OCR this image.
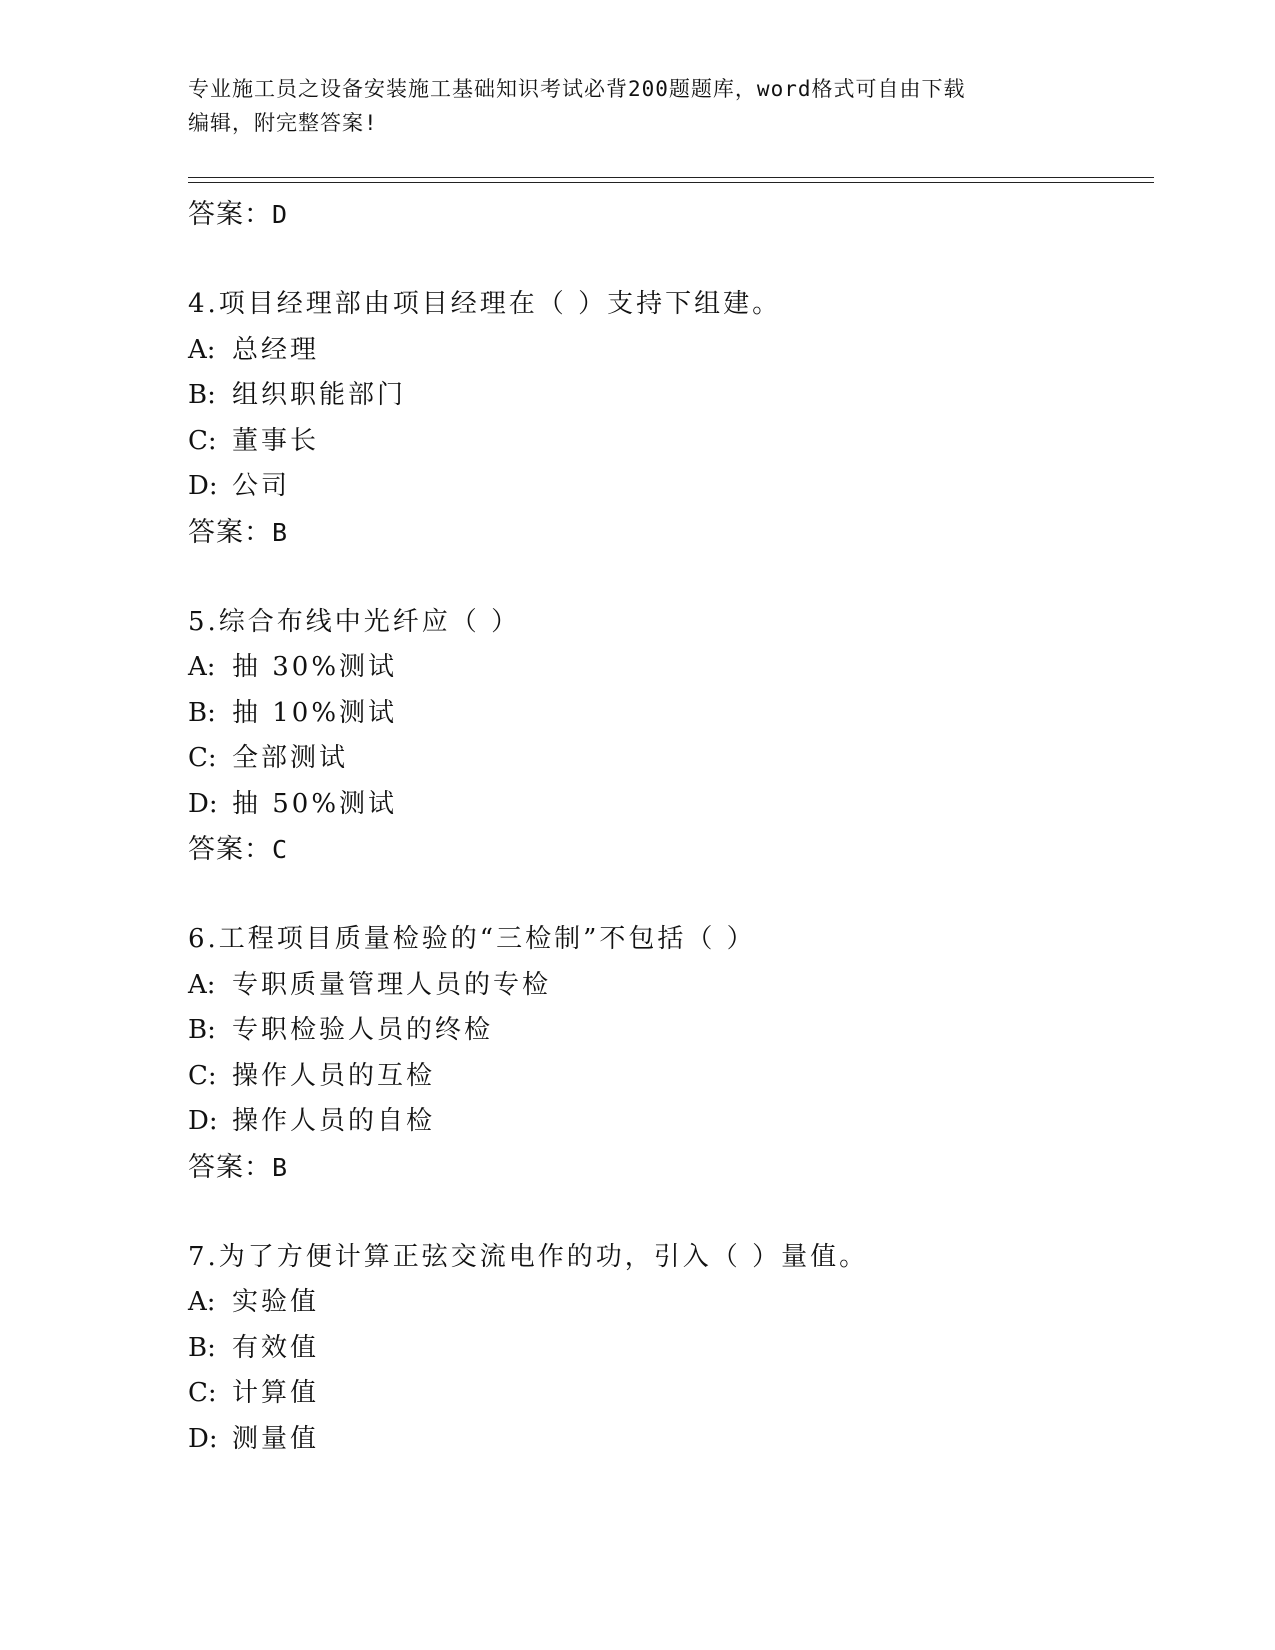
专业施工员之设备安装施工基础知识考试必背200题题库，word格式可自由下载
编辑，附完整答案!
答案：D
4.项目经理部由项目经理在（ ）支持下组建。
A: 总经理
B: 组织职能部门
C: 董事长
D: 公司
答案：B
5.综合布线中光纤应（ ）
A: 抽 30%测试
B: 抽 10%测试
C: 全部测试
D: 抽 50%测试
答案：C
6.工程项目质量检验的“三检制”不包括（ ）
A: 专职质量管理人员的专检
B: 专职检验人员的终检
C: 操作人员的互检
D: 操作人员的自检
答案：B
7.为了方便计算正弦交流电作的功，引入（ ）量值。
A: 实验值
B: 有效值
C: 计算值
D: 测量值
